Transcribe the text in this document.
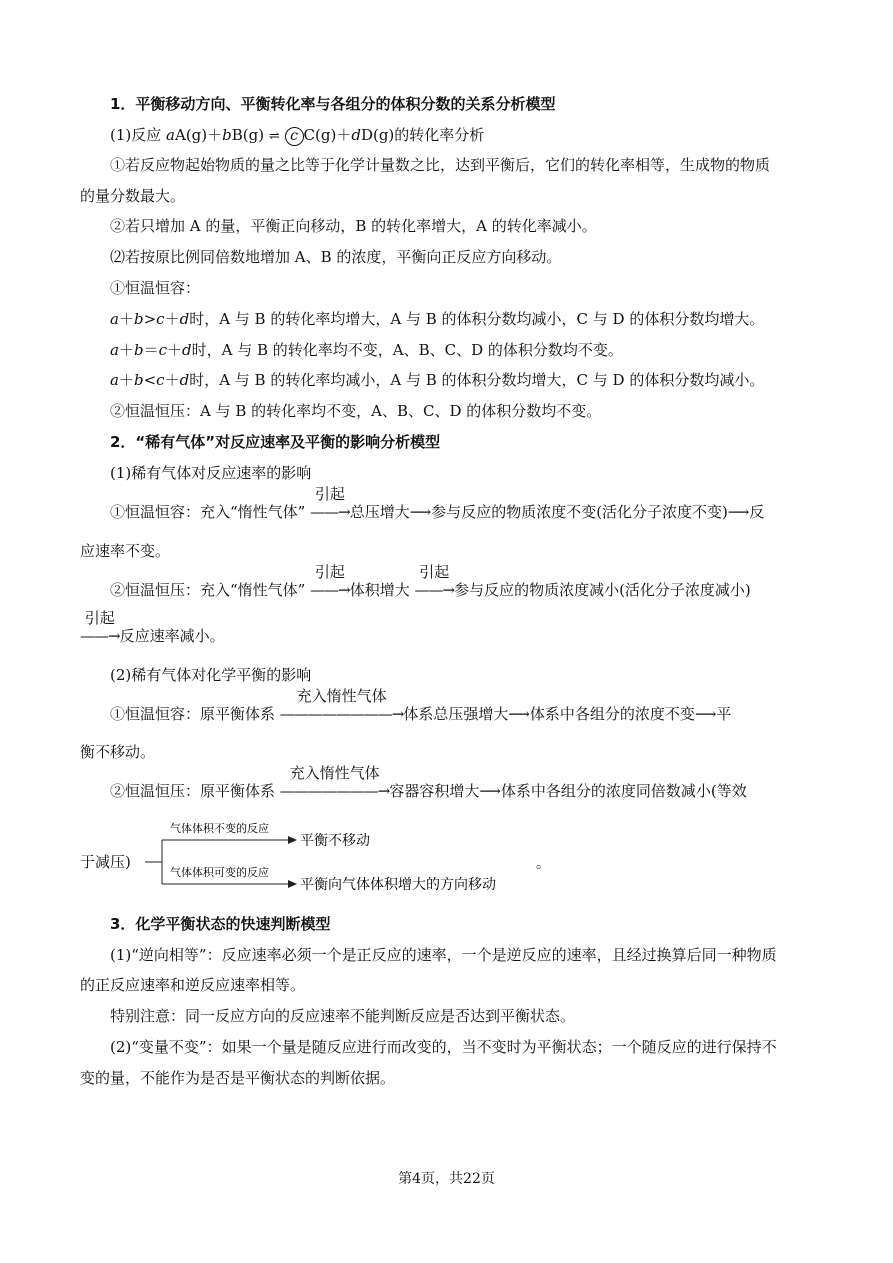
1．平衡移动方向、平衡转化率与各组分的体积分数的关系分析模型
(1)反应 aA(g)＋bB(g) ⇌ c C(g)＋dD(g)的转化率分析
①若反应物起始物质的量之比等于化学计量数之比，达到平衡后，它们的转化率相等，生成物的物质
的量分数最大。
②若只增加 A 的量，平衡正向移动，B 的转化率增大，A 的转化率减小。
⑵若按原比例同倍数地增加 A、B 的浓度，平衡向正反应方向移动。
①恒温恒容：
a＋b>c＋d时，A 与 B 的转化率均增大，A 与 B 的体积分数均减小，C 与 D 的体积分数均增大。
a＋b＝c＋d时，A 与 B 的转化率均不变，A、B、C、D 的体积分数均不变。
a＋b<c＋d时，A 与 B 的转化率均减小，A 与 B 的体积分数均增大，C 与 D 的体积分数均减小。
②恒温恒压：A 与 B 的转化率均不变，A、B、C、D 的体积分数均不变。
2．“稀有气体”对反应速率及平衡的影响分析模型
(1)稀有气体对反应速率的影响
①恒温恒容：充入“惰性气体”
引起
——→总压增大⟶参与反应的物质浓度不变(活化分子浓度不变)⟶反
应速率不变。
②恒温恒压：充入“惰性气体”
引起
——→体积增大
引起
——→参与反应的物质浓度减小(活化分子浓度减小)
引起
——→反应速率减小。
(2)稀有气体对化学平衡的影响
①恒温恒容：原平衡体系
充入惰性气体
————————→体系总压强增大⟶体系中各组分的浓度不变⟶平
衡不移动。
②恒温恒压：原平衡体系
充入惰性气体
———————→容器容积增大⟶体系中各组分的浓度同倍数减小(等效
于减压)
气体体积不变的反应
气体体积可变的反应
平衡不移动
平衡向气体体积增大的方向移动
。
3．化学平衡状态的快速判断模型
(1)“逆向相等”：反应速率必须一个是正反应的速率，一个是逆反应的速率，且经过换算后同一种物质
的正反应速率和逆反应速率相等。
特别注意：同一反应方向的反应速率不能判断反应是否达到平衡状态。
(2)“变量不变”：如果一个量是随反应进行而改变的，当不变时为平衡状态；一个随反应的进行保持不
变的量，不能作为是否是平衡状态的判断依据。
第4页，共22页
